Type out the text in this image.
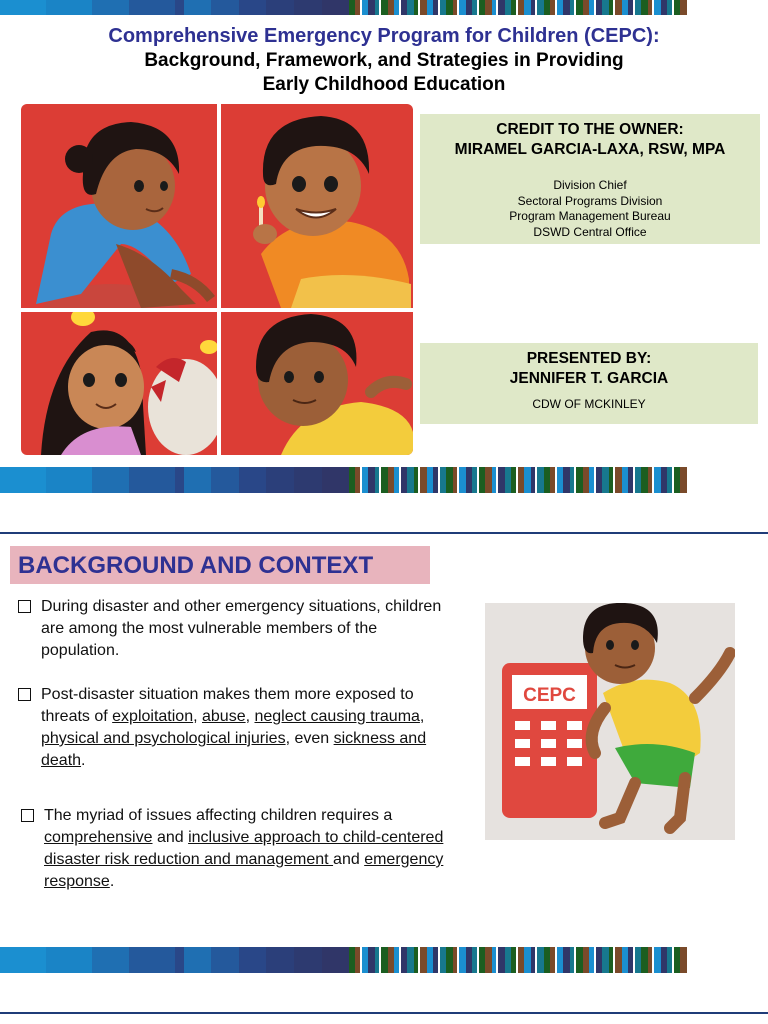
Comprehensive Emergency Program for Children (CEPC):
Background, Framework, and Strategies in Providing
Early Childhood Education
CREDIT TO THE OWNER:
MIRAMEL GARCIA-LAXA, RSW, MPA
Division Chief
Sectoral Programs Division
Program Management Bureau
DSWD Central Office
PRESENTED BY:
JENNIFER T. GARCIA
CDW OF MCKINLEY
BACKGROUND AND CONTEXT
During disaster and other emergency situations, children are among the most vulnerable members of the population.
Post-disaster situation makes them more exposed to threats of exploitation, abuse, neglect causing trauma, physical and psychological injuries, even sickness and death.
The myriad of issues affecting children requires a comprehensive and inclusive approach to child-centered disaster risk reduction and management and emergency response.
CEPC
